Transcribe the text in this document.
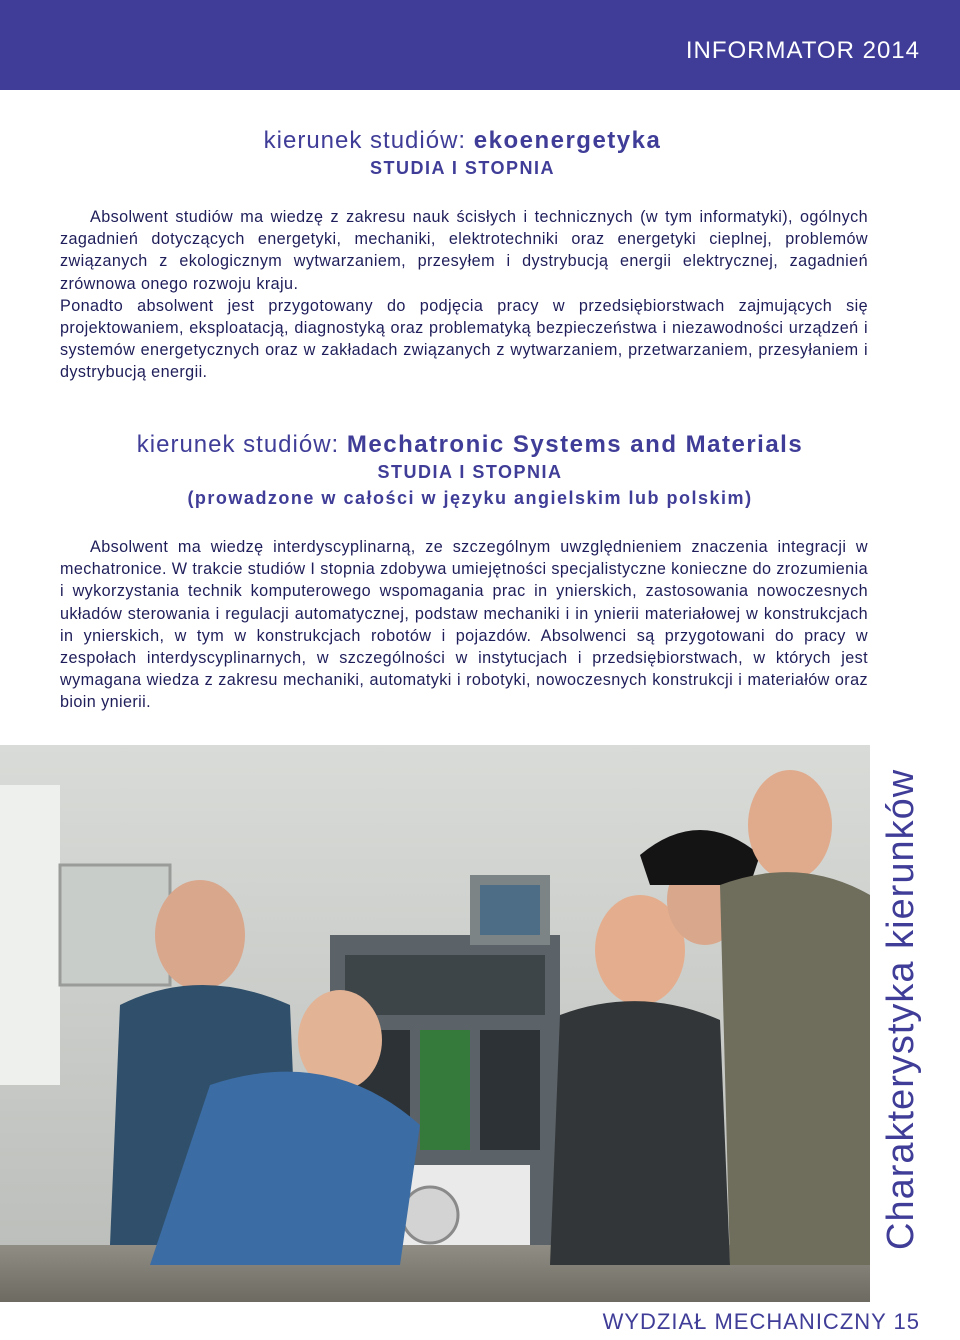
INFORMATOR 2014
kierunek studiów: ekoenergetyka
STUDIA I STOPNIA
Absolwent studiów ma wiedzę z zakresu nauk ścisłych i technicznych (w tym informatyki), ogólnych zagadnień dotyczących energetyki, mechaniki, elektrotechniki oraz energetyki cieplnej, problemów związanych z ekologicznym wytwarzaniem, przesyłem i dystrybucją energii elektrycznej, zagadnień zrównowa onego rozwoju kraju.
Ponadto absolwent jest przygotowany do podjęcia pracy w przedsiębiorstwach zajmujących się projektowaniem, eksploatacją, diagnostyką oraz problematyką bezpieczeństwa i niezawodności urządzeń i systemów energetycznych oraz w zakładach związanych z wytwarzaniem, przetwarzaniem, przesyłaniem i dystrybucją energii.
kierunek studiów: Mechatronic Systems and Materials
STUDIA I STOPNIA
(prowadzone w całości w języku angielskim lub polskim)
Absolwent ma wiedzę interdyscyplinarną, ze szczególnym uwzględnieniem znaczenia integracji w mechatronice. W trakcie studiów I stopnia zdobywa umiejętności specjalistyczne konieczne do zrozumienia i wykorzystania technik komputerowego wspomagania prac in ynierskich, zastosowania nowoczesnych układów sterowania i regulacji automatycznej, podstaw mechaniki i in ynierii materiałowej w konstrukcjach in ynierskich, w tym w konstrukcjach robotów i pojazdów. Absolwenci są przygotowani do pracy w zespołach interdyscyplinarnych, w szczególności w instytucjach i przedsiębiorstwach, w których jest wymagana wiedza z zakresu mechaniki, automatyki i robotyki, nowoczesnych konstrukcji i materiałów oraz bioin ynierii.
Charakterystyka kierunków
WYDZIAŁ MECHANICZNY 15
